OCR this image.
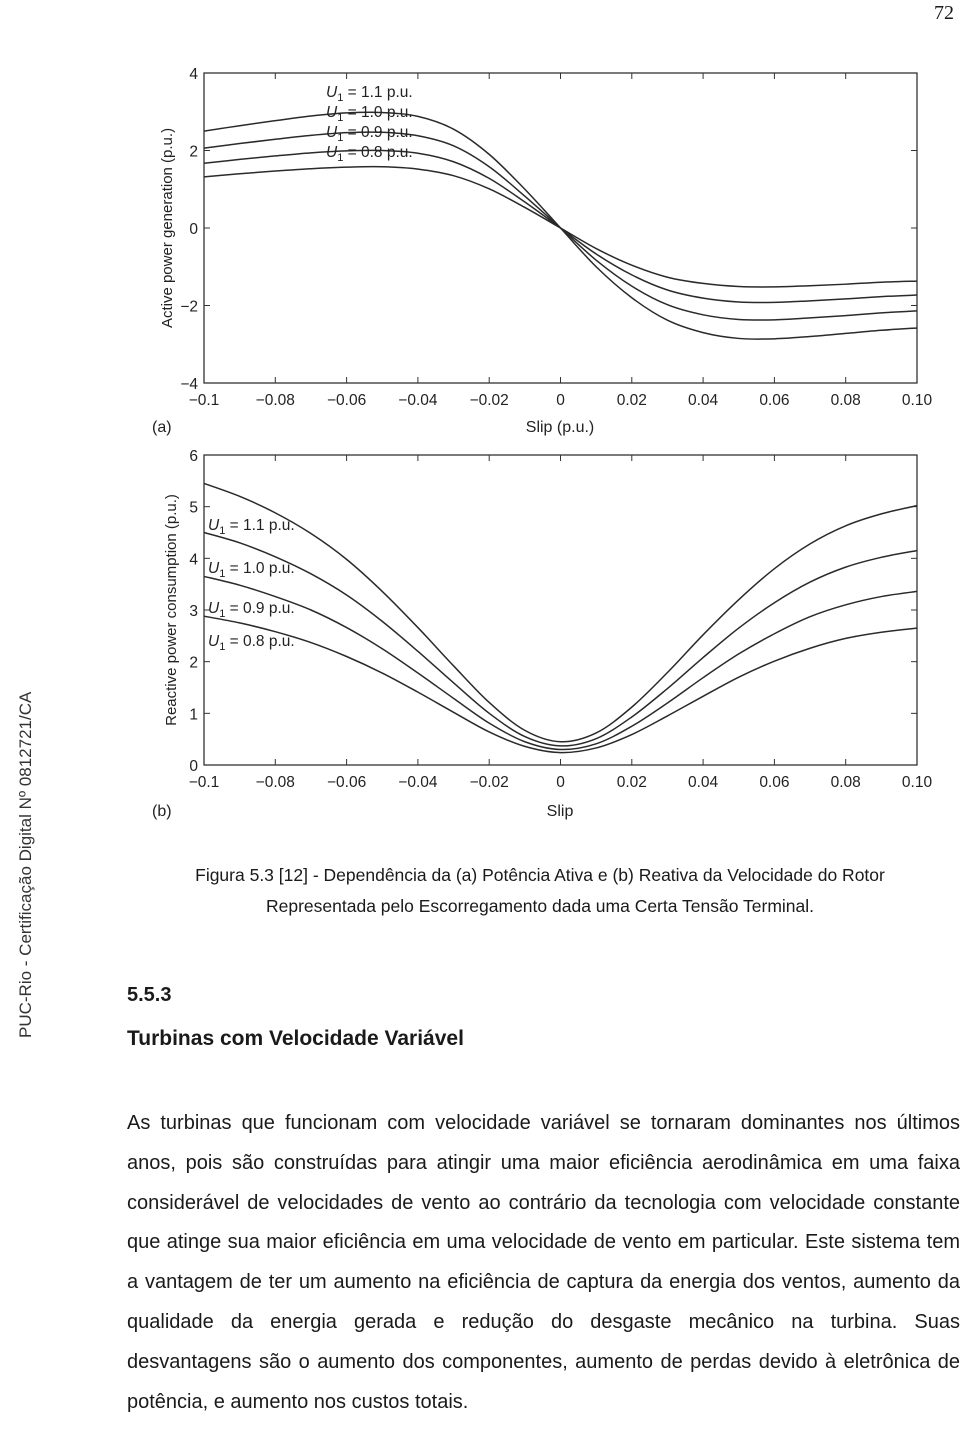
72
PUC-Rio - Certificação Digital Nº 0812721/CA
−0.1 −0.08 −0.06 −0.04 −0.02	0	0.02	0.04	0.06	0.08	0.10
4
2
0
−2
−4
$U_1 = 1.1$ p.u.
$U_1 = 1.0$ p.u.
$U_1 = 0.9$ p.u.
$U_1 = 0.8$ p.u.
Active power generation (p.u.)
Slip (p.u.)
(a)
−0.1 −0.08 −0.06 −0.04 −0.02	0	0.02	0.04	0.06	0.08	0.10
6
5
4
3
2
1
0
$U_1 = 1.1$ p.u.
$U_1 = 1.0$ p.u.
$U_1 = 0.9$ p.u.
$U_1 = 0.8$ p.u.
Reactive power consumption (p.u.)
Slip
(b)
Figura 5.3 [12] - Dependência da (a) Potência Ativa e (b) Reativa da Velocidade do Rotor
Representada pelo Escorregamento dada uma Certa Tensão Terminal.
5.5.3
Turbinas com Velocidade Variável
As turbinas que funcionam com velocidade variável se tornaram dominantes nos últimos anos, pois são construídas para atingir uma maior eficiência aerodinâmica em uma faixa considerável de velocidades de vento ao contrário da tecnologia com velocidade constante que atinge sua maior eficiência em uma velocidade de vento em particular. Este sistema tem a vantagem de ter um aumento na eficiência de captura da energia dos ventos, aumento da qualidade da energia gerada e redução do desgaste mecânico na turbina. Suas desvantagens são o aumento dos componentes, aumento de perdas devido à eletrônica de potência, e aumento nos custos totais.
